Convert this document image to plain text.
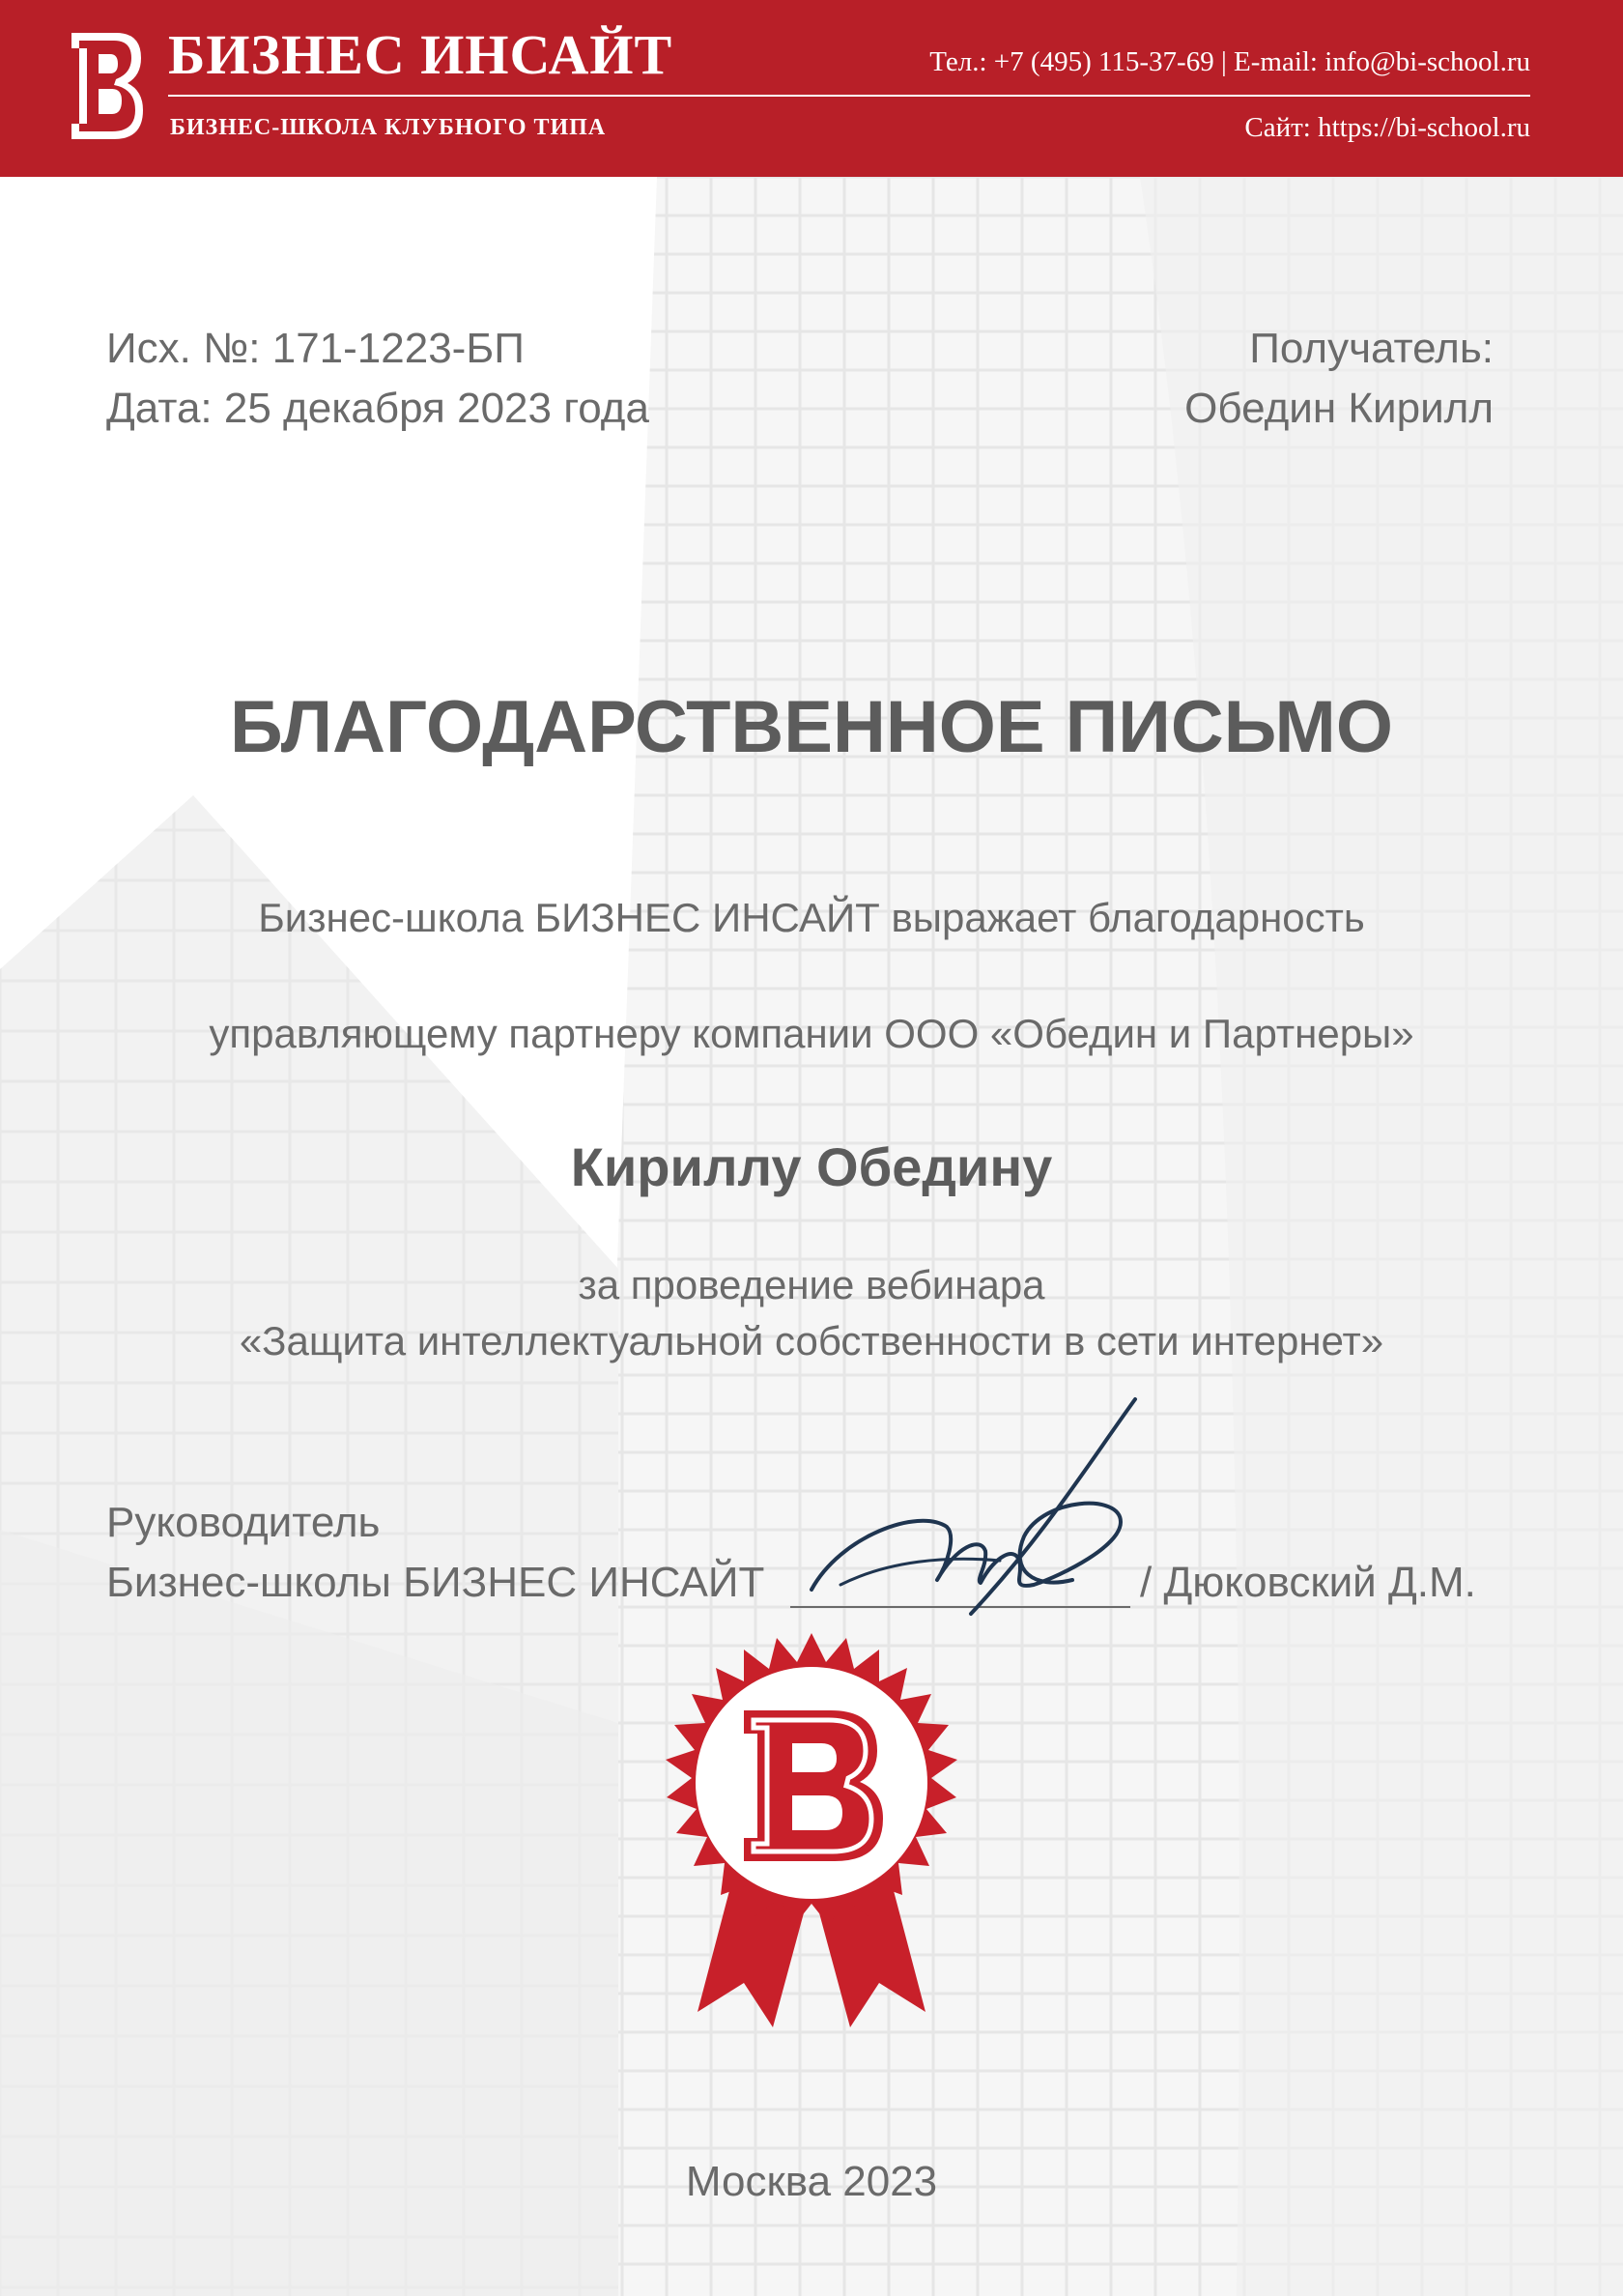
БИЗНЕС ИНСАЙТ
БИЗНЕС-ШКОЛА КЛУБНОГО ТИПА
Тел.: +7 (495) 115-37-69 | E-mail: info@bi-school.ru
Сайт: https://bi-school.ru
Исх. №: 171-1223-БП
Дата: 25 декабря 2023 года
Получатель:
Обедин Кирилл
БЛАГОДАРСТВЕННОЕ ПИСЬМО
Бизнес-школа БИЗНЕС ИНСАЙТ выражает благодарность
управляющему партнеру компании ООО «Обедин и Партнеры»
Кириллу Обедину
за проведение вебинара
«Защита интеллектуальной собственности в сети интернет»
Руководитель
Бизнес-школы БИЗНЕС ИНСАЙТ	/ Дюковский Д.М.
Москва 2023
